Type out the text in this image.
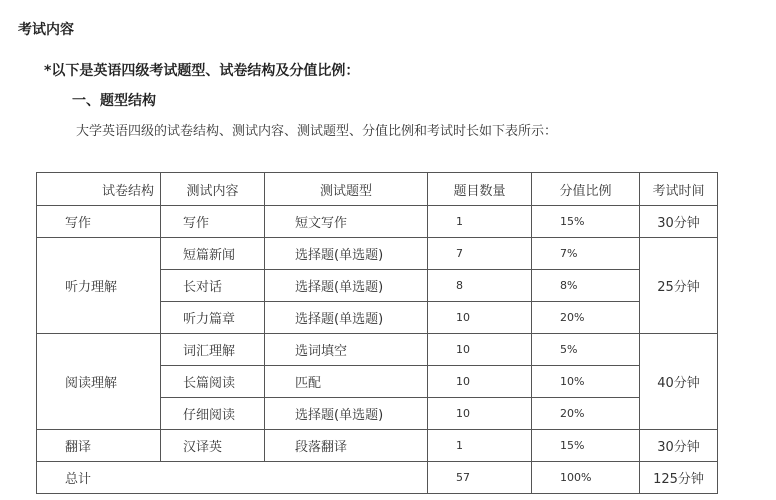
考试内容
*以下是英语四级考试题型、试卷结构及分值比例：
一、题型结构
大学英语四级的试卷结构、测试内容、测试题型、分值比例和考试时长如下表所示：
试卷结构	测试内容	测试题型	题目数量	分值比例	考试时间
写作	写作	短文写作	1	15%	30分钟
听力理解	短篇新闻	选择题(单选题)	7	7%	25分钟
	长对话	选择题(单选题)	8	8%	
	听力篇章	选择题(单选题)	10	20%	
阅读理解	词汇理解	选词填空	10	5%	40分钟
	长篇阅读	匹配	10	10%	
	仔细阅读	选择题(单选题)	10	20%	
翻译	汉译英	段落翻译	1	15%	30分钟
总计			57	100%	125分钟
